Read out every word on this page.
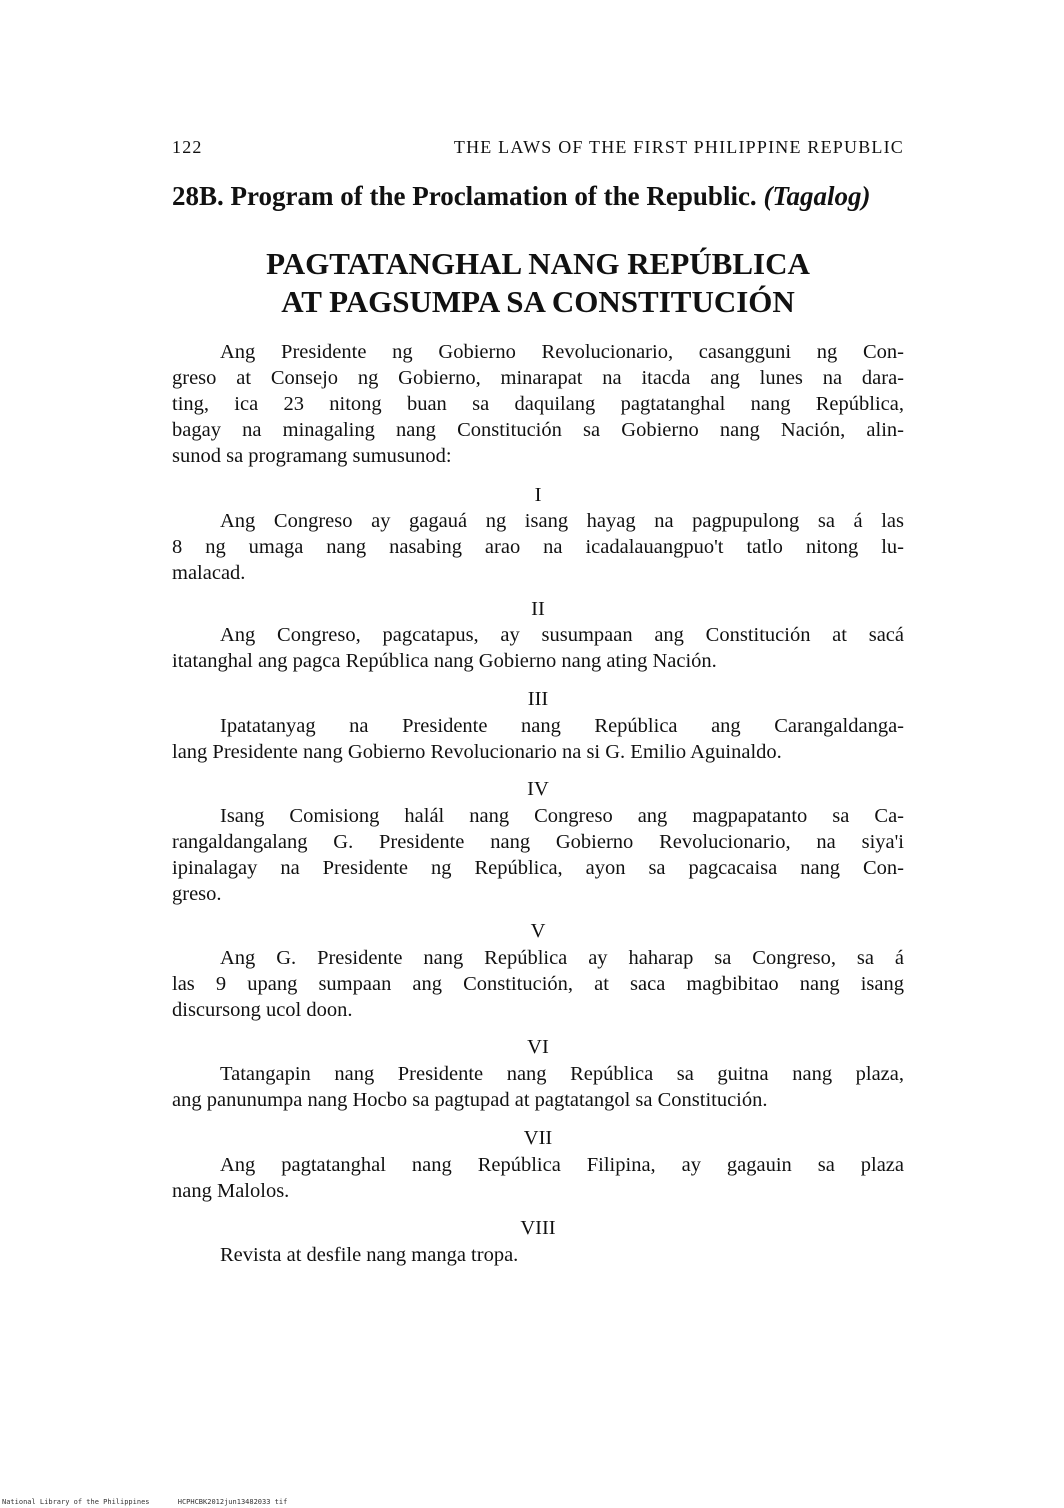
122	THE LAWS OF THE FIRST PHILIPPINE REPUBLIC
28B. Program of the Proclamation of the Republic. (Tagalog)
PAGTATANGHAL NANG REPÚBLICA
AT PAGSUMPA SA CONSTITUCIÓN
Ang Presidente ng Gobierno Revolucionario, casangguni ng Con-
greso at Consejo ng Gobierno, minarapat na itacda ang lunes na dara-
ting, ica 23 nitong buan sa daquilang pagtatanghal nang República,
bagay na minagaling nang Constitución sa Gobierno nang Nación, alin-
sunod sa programang sumusunod:
I
Ang Congreso ay gagauá ng isang hayag na pagpupulong sa á las
8 ng umaga nang nasabing arao na icadalauangpuo't tatlo nitong lu-
malacad.
II
Ang Congreso, pagcatapus, ay susumpaan ang Constitución at sacá
itatanghal ang pagca República nang Gobierno nang ating Nación.
III
Ipatatanyag na Presidente nang República ang Carangaldanga-
lang Presidente nang Gobierno Revolucionario na si G. Emilio Aguinaldo.
IV
Isang Comisiong halál nang Congreso ang magpapatanto sa Ca-
rangaldangalang G. Presidente nang Gobierno Revolucionario, na siya'i
ipinalagay na Presidente ng República, ayon sa pagcacaisa nang Con-
greso.
V
Ang G. Presidente nang República ay haharap sa Congreso, sa á
las 9 upang sumpaan ang Constitución, at saca magbibitao nang isang
discursong ucol doon.
VI
Tatangapin nang Presidente nang República sa guitna nang plaza,
ang panunumpa nang Hocbo sa pagtupad at pagtatangol sa Constitución.
VII
Ang pagtatanghal nang República Filipina, ay gagauin sa plaza
nang Malolos.
VIII
Revista at desfile nang manga tropa.
National Library of the Philippines	HCPHCBK2012jun13482033 tif
